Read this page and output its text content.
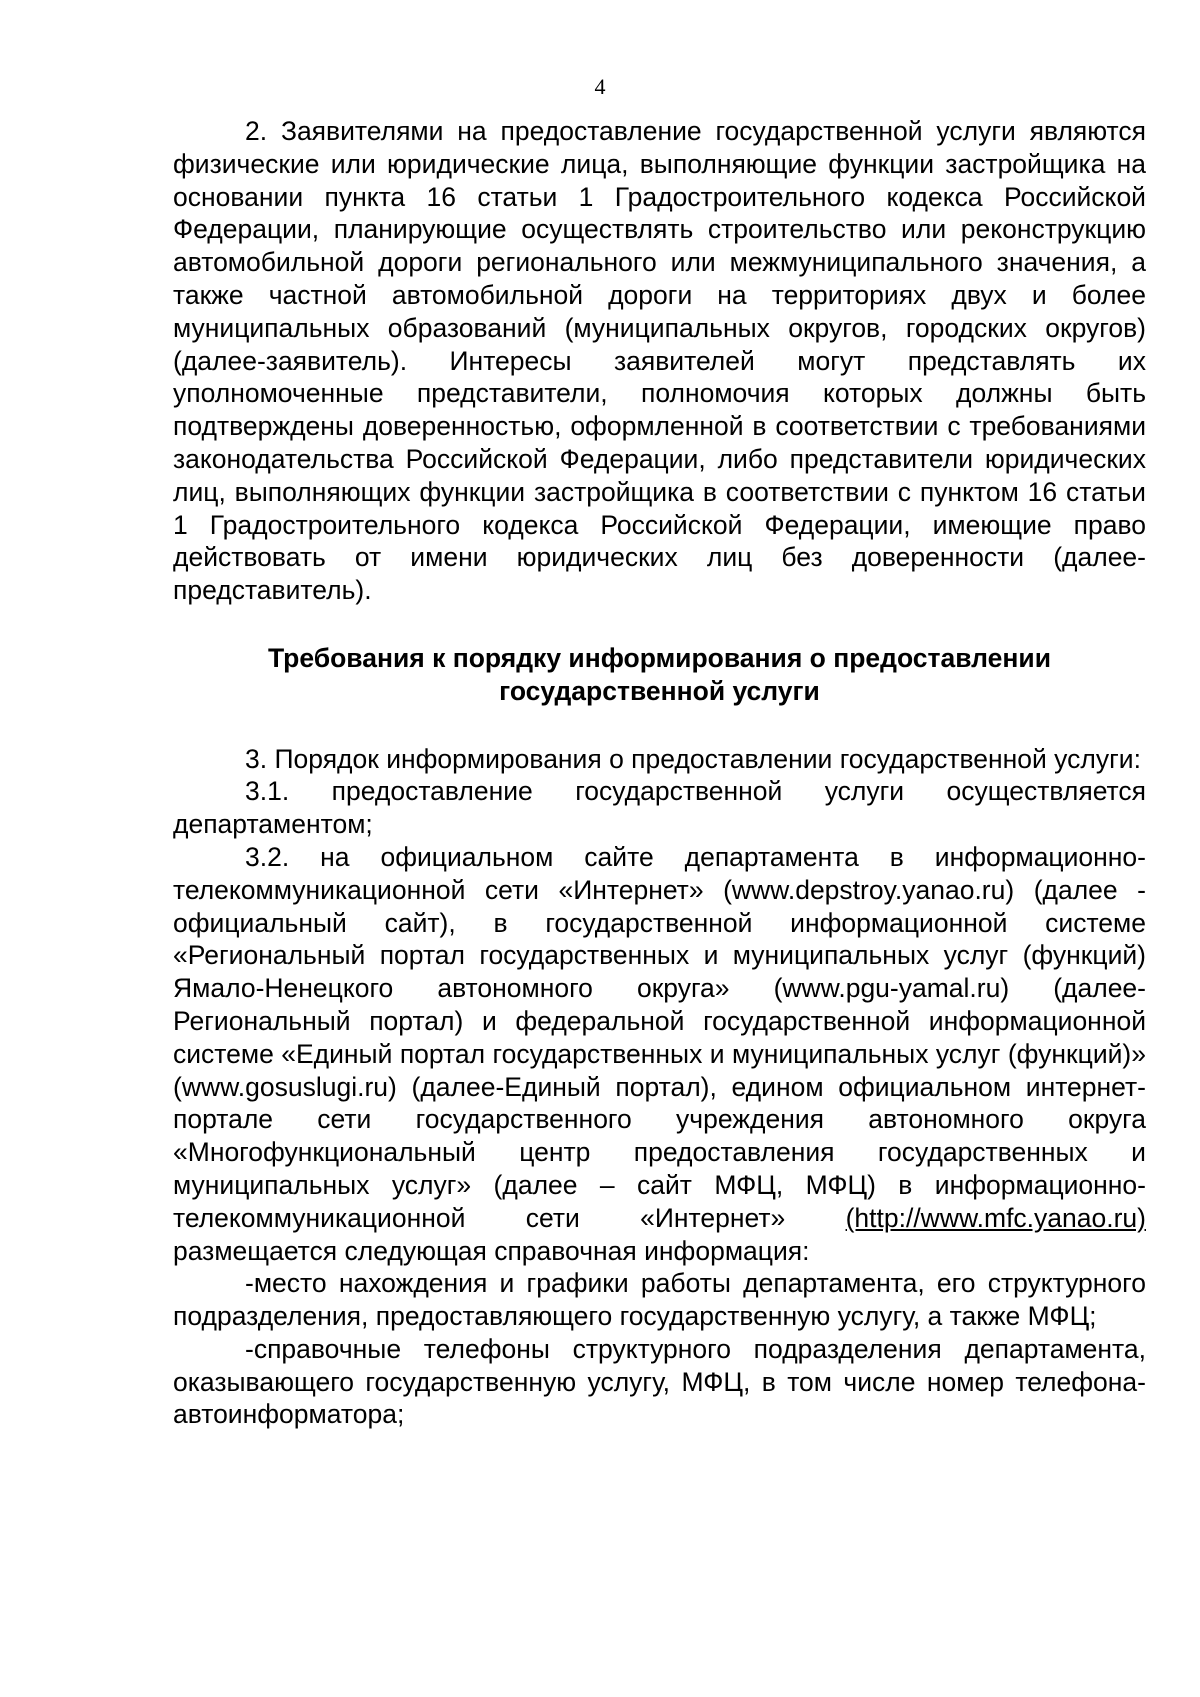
4

2. Заявителями на предоставление государственной услуги являются физические или юридические лица, выполняющие функции застройщика на основании пункта 16 статьи 1 Градостроительного кодекса Российской Федерации, планирующие осуществлять строительство или реконструкцию автомобильной дороги регионального или межмуниципального значения, а также частной автомобильной дороги на территориях двух и более муниципальных образований (муниципальных округов, городских округов) (далее-заявитель). Интересы заявителей могут представлять их уполномоченные представители, полномочия которых должны быть подтверждены доверенностью, оформленной в соответствии с требованиями законодательства Российской Федерации, либо представители юридических лиц, выполняющих функции застройщика в соответствии с пунктом 16 статьи 1 Градостроительного кодекса Российской Федерации, имеющие право действовать от имени юридических лиц без доверенности (далее-представитель).

Требования к порядку информирования о предоставлении государственной услуги

3. Порядок информирования о предоставлении государственной услуги:

3.1. предоставление государственной услуги осуществляется департаментом;

3.2. на официальном сайте департамента в информационно-телекоммуникационной сети «Интернет» (www.depstroy.yanao.ru) (далее - официальный сайт), в государственной информационной системе «Региональный портал государственных и муниципальных услуг (функций) Ямало-Ненецкого автономного округа» (www.pgu-yamal.ru) (далее-Региональный портал) и федеральной государственной информационной системе «Единый портал государственных и муниципальных услуг (функций)» (www.gosuslugi.ru) (далее-Единый портал), едином официальном интернет-портале сети государственного учреждения автономного округа «Многофункциональный центр предоставления государственных и муниципальных услуг» (далее – сайт МФЦ, МФЦ) в информационно-телекоммуникационной сети «Интернет» (http://www.mfc.yanao.ru) размещается следующая справочная информация:

-место нахождения и графики работы департамента, его структурного подразделения, предоставляющего государственную услугу, а также МФЦ;

-справочные телефоны структурного подразделения департамента, оказывающего государственную услугу, МФЦ, в том числе номер телефона-автоинформатора;
